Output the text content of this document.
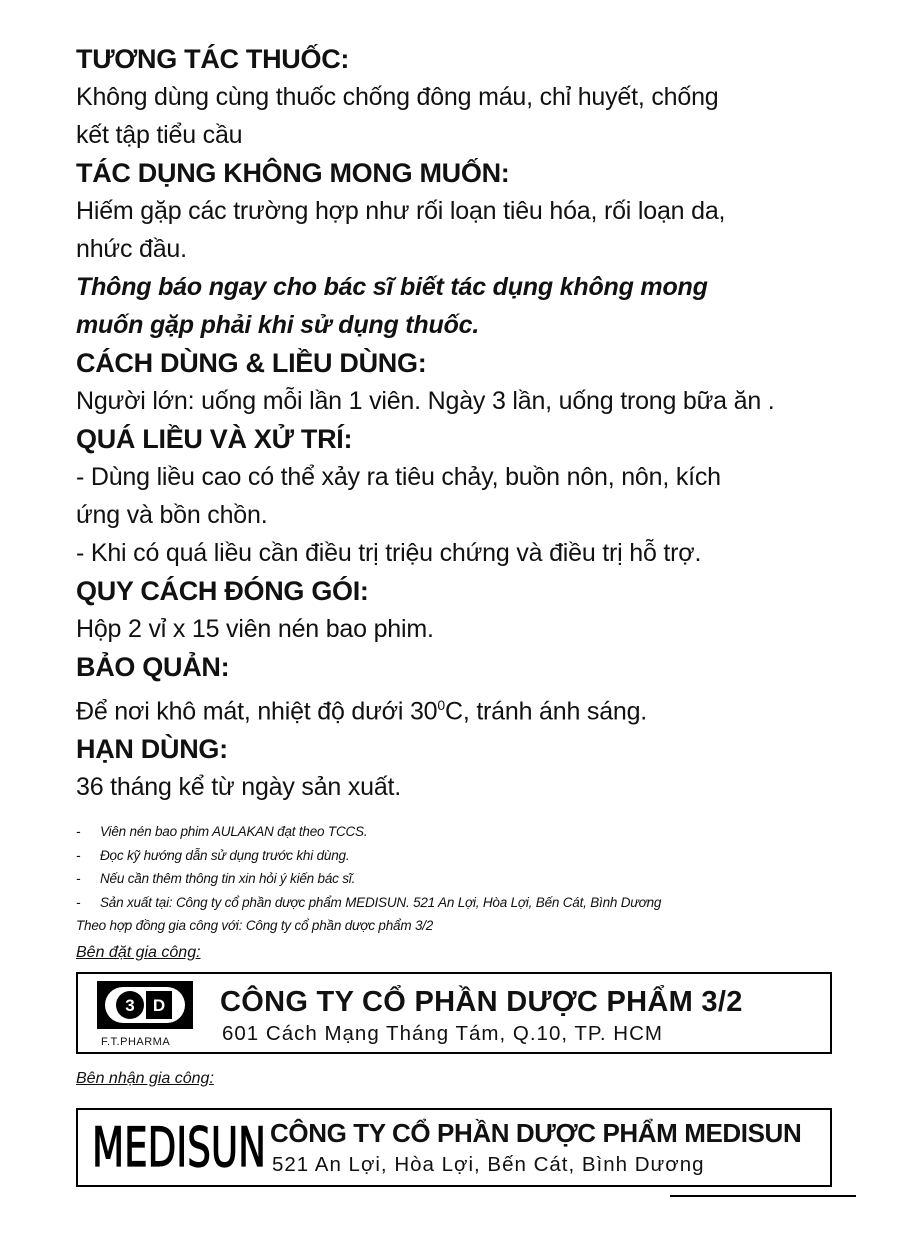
TƯƠNG TÁC THUỐC:

Không dùng cùng thuốc chống đông máu, chỉ huyết, chống

kết tập tiểu cầu

TÁC DỤNG KHÔNG MONG MUỐN:

Hiếm gặp các trường hợp như rối loạn tiêu hóa, rối loạn da,

nhức đầu.

Thông báo ngay cho bác sĩ biết tác dụng không mong

muốn gặp phải khi sử dụng thuốc.

CÁCH DÙNG & LIỀU DÙNG:

Người lớn: uống mỗi lần 1 viên. Ngày 3 lần, uống trong bữa ăn .

QUÁ LIỀU VÀ XỬ TRÍ:

- Dùng liều cao có thể xảy ra tiêu chảy, buồn nôn, nôn, kích

ứng và bồn chồn.

- Khi có quá liều cần điều trị triệu chứng và điều trị hỗ trợ.

QUY CÁCH ĐÓNG GÓI:

Hộp 2 vỉ x 15 viên nén bao phim.

BẢO QUẢN:

Để nơi khô mát, nhiệt độ dưới $30^0C$, tránh ánh sáng.

HẠN DÙNG:

36 tháng kể từ ngày sản xuất.

- Viên nén bao phim AULAKAN đạt theo TCCS.
- Đọc kỹ hướng dẫn sử dụng trước khi dùng.
- Nếu cần thêm thông tin xin hỏi ý kiến bác sĩ.
- Sản xuất tại: Công ty cổ phần dược phẩm MEDISUN. 521 An Lợi, Hòa Lợi, Bến Cát, Bình Dương
Theo hợp đồng gia công với: Công ty cổ phần dược phẩm 3/2
Bên đặt gia công:
3 D
F.T.PHARMA
CÔNG TY CỔ PHẦN DƯỢC PHẨM 3/2
601 Cách Mạng Tháng Tám, Q.10, TP. HCM
Bên nhận gia công:
MEDISUN CÔNG TY CỔ PHẦN DƯỢC PHẨM MEDISUN
521 An Lợi, Hòa Lợi, Bến Cát, Bình Dương
